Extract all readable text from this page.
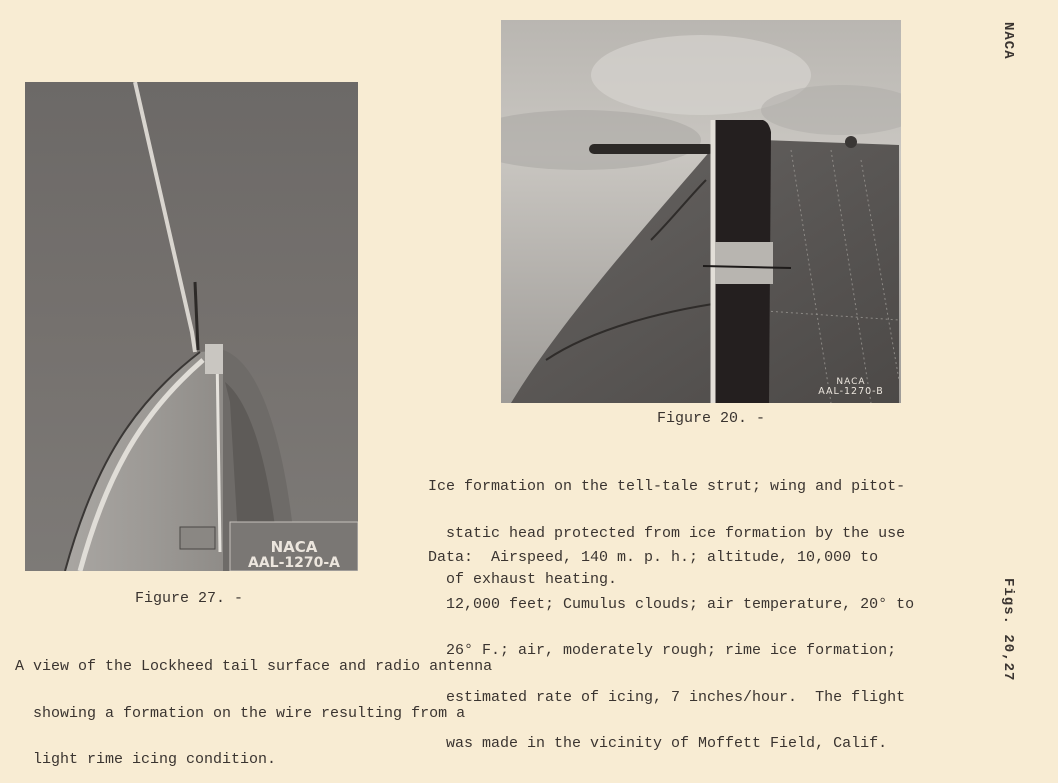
NACA
NACA
AAL-1270-A
NACA
AAL-1270-B
Figure 20. -

Ice formation on the tell-tale strut; wing and pitot-

static head protected from ice formation by the use

of exhaust heating.

Data:  Airspeed, 140 m. p. h.; altitude, 10,000 to

12,000 feet; Cumulus clouds; air temperature, 20° to

26° F.; air, moderately rough; rime ice formation;

estimated rate of icing, 7 inches/hour.  The flight

was made in the vicinity of Moffett Field, Calif.

Figure 27. -

A view of the Lockheed tail surface and radio antenna

showing a formation on the wire resulting from a

light rime icing condition.

Figs. 20,27
